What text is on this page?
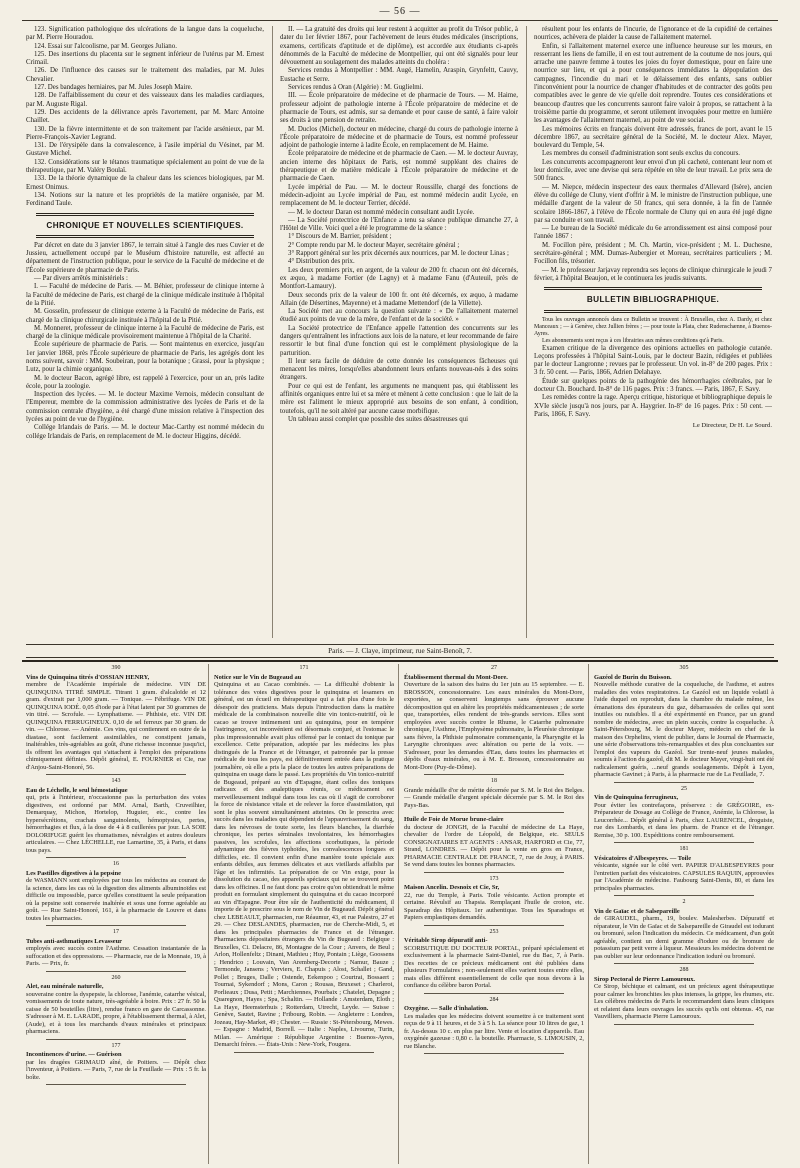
— 56 —

123. Signification pathologique des ulcérations de la langue dans la coqueluche, par M. Pierre Houradou.

124. Essai sur l'alcoolisme, par M. Georges Juliano.

125. Des insertions du placenta sur le segment inférieur de l'utérus par M. Ernest Crimail.

126. De l'influence des causes sur le traitement des maladies, par M. Jules Chevalier.

127. Des bandages herniaires, par M. Jules Joseph Maire.

128. De l'affaiblissement du cœur et des vaisseaux dans les maladies cardiaques, par M. Auguste Rigal.

129. Des accidents de la délivrance après l'avortement, par M. Marc Antoine Chaillet.

130. De la fièvre intermittente et de son traitement par l'acide arsénieux, par M. Pierre-François-Xavier Legrand.

131. De l'érysipèle dans la convalescence, à l'asile impérial du Vésinet, par M. Gustave Michel.

132. Considérations sur le tétanos traumatique spécialement au point de vue de la thérapeutique, par M. Valéry Boulaï.

133. De la théorie dynamique de la chaleur dans les sciences biologiques, par M. Ernest Onimus.

134. Notions sur la nature et les propriétés de la matière organisée, par M. Ferdinand Taule.

CHRONIQUE ET NOUVELLES SCIENTIFIQUES.

Par décret en date du 3 janvier 1867, le terrain situé à l'angle des rues Cuvier et de Jussieu, actuellement occupé par le Muséum d'histoire naturelle, est affecté au département de l'instruction publique, pour le service de la Faculté de médecine et de l'École supérieure de pharmacie de Paris.

— Par divers arrêtés ministériels :

I. — Faculté de médecine de Paris. — M. Béhier, professeur de clinique interne à la Faculté de médecine de Paris, est chargé de la clinique médicale instituée à l'hôpital de la Pitié.

M. Gosselin, professeur de clinique externe à la Faculté de médecine de Paris, est chargé de la clinique chirurgicale instituée à l'hôpital de la Pitié.

M. Monneret, professeur de clinique interne à la Faculté de médecine de Paris, est chargé de la clinique médicale provisoirement maintenue à l'hôpital de la Charité.

École supérieure de pharmacie de Paris. — Sont maintenus en exercice, jusqu'au 1er janvier 1868, près l'École supérieure de pharmacie de Paris, les agrégés dont les noms suivent, savoir : MM. Soubeiran, pour la botanique ; Grassi, pour la physique ; Lutz, pour la chimie organique.

M. le docteur Bacon, agrégé libre, est rappelé à l'exercice, pour un an, près ladite école, pour la zoologie.

Inspection des lycées. — M. le docteur Maxime Vernois, médecin consultant de l'Empereur, membre de la commission administrative des lycées de Paris et de la commission centrale d'hygiène, a été chargé d'une mission relative à l'inspection des lycées au point de vue de l'hygiène.

Collége Irlandais de Paris. — M. le docteur Mac-Carthy est nommé médecin du collége Irlandais de Paris, en remplacement de M. le docteur Higgins, décédé.

II. — La gratuité des droits qui leur restent à acquitter au profit du Trésor public, à dater du 1er février 1867, pour l'achèvement de leurs études médicales (inscriptions, examens, certificats d'aptitude et de diplôme), est accordée aux étudiants ci-après dénommés de la Faculté de médecine de Montpellier, qui ont été signalés pour leur dévouement au soulagement des malades atteints du choléra :

Services rendus à Montpellier : MM. Augé, Hamelin, Araspin, Grynfeltt, Cauvy, Eustache et Serre.

Services rendus à Oran (Algérie) : M. Guglielmi.

III. — École préparatoire de médecine et de pharmacie de Tours. — M. Haime, professeur adjoint de pathologie interne à l'École préparatoire de médecine et de pharmacie de Tours, est admis, sur sa demande et pour cause de santé, à faire valoir ses droits à une pension de retraite.

M. Duclos (Michel), docteur en médecine, chargé du cours de pathologie interne à l'École préparatoire de médecine et de pharmacie de Tours, est nommé professeur adjoint de pathologie interne à ladite École, en remplacement de M. Haime.

École préparatoire de médecine et de pharmacie de Caen. — M. le docteur Auvray, ancien interne des hôpitaux de Paris, est nommé suppléant des chaires de thérapeutique et de matière médicale à l'École préparatoire de médecine et de pharmacie de Caen.

Lycée impérial de Pau. — M. le docteur Roussille, chargé des fonctions de médecin-adjoint au Lycée impérial de Pau, est nommé médecin audit Lycée, en remplacement de M. le docteur Terrier, décédé.

— M. le docteur Daran est nommé médecin consultant audit Lycée.

— La Société protectrice de l'Enfance a tenu sa séance publique dimanche 27, à l'Hôtel de Ville. Voici quel a été le programme de la séance :

1° Discours de M. Barrier, président ;

2° Compte rendu par M. le docteur Mayer, secrétaire général ;

3° Rapport général sur les prix décernés aux nourrices, par M. le docteur Linas ;

4° Distribution des prix.

Les deux premiers prix, en argent, de la valeur de 200 fr. chacun ont été décernés, ex æquo, à madame Fortier (de Lagny) et à madame Fanu (d'Auteuil, près de Montfort-Lamaury).

Deux seconds prix de la valeur de 100 fr. ont été décernés, ex æquo, à madame Allain (de Désertines, Mayenne) et à madame Mettendorf (de la Villette).

La Société met au concours la question suivante : « De l'allaitement maternel étudié aux points de vue de la mère, de l'enfant et de la société. »

La Société protectrice de l'Enfance appelle l'attention des concurrents sur les dangers qu'entraînent les infractions aux lois de la nature, et leur recommande de faire ressortir le but final d'une fonction qui est le complément physiologique de la parturition.

Il leur sera facile de déduire de cette donnée les conséquences fâcheuses qui menacent les mères, lorsqu'elles abandonnent leurs enfants nouveau-nés à des soins étrangers.

Pour ce qui est de l'enfant, les arguments ne manquent pas, qui établissent les affinités organiques entre lui et sa mère et mènent à cette conclusion : que le lait de la mère est l'aliment le mieux approprié aux besoins de son enfant, à condition, toutefois, qu'il ne soit altéré par aucune cause morbifique.

Un tableau aussi complet que possible des suites désastreuses qui

résultent pour les enfants de l'incurie, de l'ignorance et de la cupidité de certaines nourrices, achèvera de plaider la cause de l'allaitement maternel.

Enfin, si l'allaitement maternel exerce une influence heureuse sur les mœurs, en resserrant les liens de famille, il en est tout autrement de la coutume de nos jours, qui arrache une pauvre femme à toutes les joies du foyer domestique, pour en faire une nourrice sur lieu, et qui a pour conséquences immédiates la dépopulation des campagnes, l'incendie du mari et le délaissement des enfants, sans oublier l'inconvénient pour la nourrice de changer d'habitudes et de contracter des goûts peu compatibles avec le genre de vie qu'elle doit reprendre. Toutes ces considérations et beaucoup d'autres que les concurrents sauront faire valoir à propos, se rattachent à la troisième partie du programme, et seront utilement invoquées pour mettre en lumière les avantages de l'allaitement maternel, au point de vue social.

Les mémoires écrits en français doivent être adressés, francs de port, avant le 15 décembre 1867, au secrétaire général de la Société, M. le docteur Alex. Mayer, boulevard du Temple, 54.

Les membres du conseil d'administration sont seuls exclus du concours.

Les concurrents accompagneront leur envoi d'un pli cacheté, contenant leur nom et leur domicile, avec une devise qui sera répétée en tête de leur travail. Le prix sera de 500 francs.

— M. Niepce, médecin inspecteur des eaux thermales d'Allevard (Isère), ancien élève du collége de Cluny, vient d'offrir à M. le ministre de l'instruction publique, une médaille d'argent de la valeur de 50 francs, qui sera donnée, à la fin de l'année scolaire 1866-1867, à l'élève de l'École normale de Cluny qui en aura été jugé digne par sa conduite et son travail.

— Le bureau de la Société médicale du 6e arrondissement est ainsi composé pour l'année 1867 :

M. Focillon père, président ; M. Ch. Martin, vice-président ; M. L. Duchesne, secrétaire-général ; MM. Dumas-Aubergier et Moreau, secrétaires particuliers ; M. Focillon fils, trésorier.

— M. le professeur Jarjavay reprendra ses leçons de clinique chirurgicale le jeudi 7 février, à l'hôpital Beaujon, et le continuera les jeudis suivants.

BULLETIN BIBLIOGRAPHIQUE.

Tous les ouvrages annoncés dans ce Bulletin se trouvent : À Bruxelles, chez A. Dardy, et chez Manceaux ; — à Genève, chez Jullien frères ; — pour toute la Plata, chez Rudenschænne, à Buenos-Ayres.

Les abonnements sont reçus à ces librairies aux mêmes conditions qu'à Paris.

Examen critique de la divergence des opinions actuelles en pathologie cutanée. Leçons professées à l'hôpital Saint-Louis, par le docteur Bazin, rédigées et publiées par le docteur Langronne ; revues par le professeur. Un vol. in-8° de 200 pages. Prix : 3 fr. 50 cent. — Paris, 1866, Adrien Delahaye.

Étude sur quelques points de la pathogénie des hémorrhagies cérébrales, par le docteur Ch. Bouchard. In-8° de 116 pages. Prix : 3 francs. — Paris, 1867, F. Savy.

Les remèdes contre la rage. Aperçu critique, historique et bibliographique depuis le XVIe siècle jusqu'à nos jours, par A. Haygrier. In-8° de 16 pages. Prix : 50 cent. — Paris, 1866, F. Savy.

Le Directeur, Dr H. Le Sourd.
Paris. — J. Claye, imprimeur, rue Saint-Benoît, 7.
390
Vins de Quinquina titrés d'OSSIAN HENRY,
membre de l'Académie impériale de médecine. VIN DE QUINQUINA TITRÉ SIMPLE. Titrant 1 gram. d'alcaloïde et 12 gram. d'extrait par 1,000 gram. — Tonique. — Fébrifuge. VIN DE QUINQUINA IODÉ. 0,05 d'iode par à l'état latent par 30 grammes de vin titré. — Scrofule. — Lymphatisme. — Phthisie, etc. VIN DE QUINQUINA FERRUGINEUX. 0,10 de sel ferreux par 30 gram. de vin. — Chlorose. — Anémie. Ces vins, qui contiennent en outre de la diastase, sont facilement assimilables, ne constipent jamais, inaltérables, très-agréables au goût, d'une richesse inconnue jusqu'ici, ils offrent les avantages qui s'attachent à l'emploi des préparations chimiquement définies. Dépôt général, E. FOURNIER et Cie, rue d'Anjou-Saint-Honoré, 56.
143
Eau de Léchelle, le seul hémostatique
qui, pris à l'intérieur, n'occasionne pas la perturbation des voies digestives, est ordonné par MM. Arnal, Barth, Cruveilhier, Demarquay, Michon, Hortelop, Huguier, etc., contre les hypersécrétions, crachats sanguinolents, hémoptysies, pertes, hémorrhagies et flux, à la dose de 4 à 8 cuillerées par jour. LA SOIE DOLORIFUGE guérit les rhumatismes, névralgies et autres douleurs articulaires. — Chez LÉCHELLE, rue Lamartine, 35, à Paris, et dans tous pays.
16
Les Pastilles digestives à la pepsine
de WASMANN sont employées par tous les médecins au courant de la science, dans les cas où la digestion des aliments albuminoïdes est difficile ou impossible, parce qu'elles constituent la seule préparation où la pepsine soit conservée inaltérée et sous une forme agréable au goût. — Rue Saint-Honoré, 161, à la pharmacie de Louvre et dans toutes les pharmacies.
17
Tubes anti-asthmatiques Levasseur
employés avec succès contre l'Asthme. Cessation instantanée de la suffocation et des oppressions. — Pharmacie, rue de la Monnaie, 19, à Paris. — Prix, fr.
260
Alet, eau minérale naturelle,
souveraine contre la dyspepsie, la chlorose, l'anémie, catarrhe vésical, vomissements de toute nature, très-agréable à boire. Prix : 27 fr. 50 la caisse de 50 bouteilles (litre), rendue franco en gare de Carcassonne. S'adresser à M. E. LARADE, propre, à l'établissement thermal, à Alet, (Aude), et à tous les marchands d'eaux minérales et principaux pharmaciens.
177
Incontinences d'urine. — Guérison
par les dragées GRIMAUD aîné, de Poitiers. — Dépôt chez l'inventeur, à Poitiers. — Paris, 7, rue de la Feuillade — Prix : 5 fr. la boîte.
171
Notice sur le Vin de Bugeaud au
Quinquina et au Cacao combinés. — La difficulté d'obtenir la tolérance des voies digestives pour le quinquina et lesamers en général, est un écueil en thérapeutique qui a fait plus d'une fois le désespoir des praticiens. Mais depuis l'introduction dans la matière médicale de la combinaison nouvelle dite vin tonico-nutritif, où le cacao se trouve intimement uni au quinquina, pour en tempérer l'astringence, cet inconvénient est désormais conjuré, et l'estomac le plus impressionnable avait plus offensé par le contact du tonique par excellence. Cette préparation, adoptée par les médecins les plus distingués de la France et de l'étranger, et patronnée par la presse médicale de tous les pays, est définitivement entrée dans la pratique journalière, où elle a pris la place de toutes les autres préparations de quinquina en usage dans le passé. Les propriétés du Vin tonico-nutritif de Bugeaud, préparé au vin d'Espagne, étant celles des toniques radicaux et des analeptiques réunis, ce médicament est merveilleusement indiqué dans tous les cas où il s'agit de corroborer la force de résistance vitale et de relever la force d'assimilation, qui sont le plus souvent simultanément atteintes. On le prescrira avec succès dans les maladies qui dépendent de l'appauvrissement du sang, dans les névroses de toute sorte, les fleurs blanches, la diarrhée chronique, les pertes séminales involontaires, les hémorrhagies passives, les scrofules, les affections scorbutiques, la période adynamique des fièvres typhoïdes, les convalescences longues et difficiles, etc. Il convient enfin d'une manière toute spéciale aux enfants débiles, aux femmes délicates et aux vieillards affaiblis par l'âge et les infirmités. La préparation de ce Vin exige, pour la dissolution du cacao, des appareils spéciaux qui ne se trouvent point dans les officines. Il ne faut donc pas croire qu'on obtiendrait le même produit en formulant simplement du quinquina et du cacao incorporé au vin d'Espagne. Pour être sûr de l'authenticité du médicament, il importe de le prescrire sous le nom de Vin de Bugeaud. Dépôt général chez LEBEAULT, pharmacien, rue Réaumur, 43, et rue Palestro, 27 et 29. — Chez DESLANDES, pharmacien, rue de Cherche-Midi, 5, et dans les principales pharmacies de France et de l'étranger. Pharmaciens dépositaires étrangers du Vin de Bugeaud : Belgique : Bruxelles, Ci. Delacre, 86, Montagne de la Cour ; Anvers, de Beul ; Arlon, Hollenfeltz ; Dinant, Mathieu ; Huy, Pontain ; Liège, Goossens ; Hendrico ; Louvain, Van Aremberg-Decorte ; Namur, Bauze ; Termonde, Jansens ; Verviers, E. Chapuis ; Alost, Schallet ; Gand, Pollet ; Bruges, Dalle ; Ostende, Eekenpoo ; Courtrai, Bossaert ; Tournai, Sykendorf ; Mons, Caron ; Rousas, Bruxeset ; Charleroi, Porlieaux ; Dusa, Petit ; Marchiennes, Pourbaix ; Chatelet, Depagne ; Quaregnon, Hayes ; Spa, Schaltin. — Hollande : Amsterdam, Eloth ; La Haye, Heemsterhuis ; Rotterdam, Utrecht, Leyde. — Suisse : Genève, Sautet, Ravine ; Fribourg, Robin. — Angleterre : Londres, Jozeau, Hay-Market, 49 ; Chester. — Russie : St-Pétersbourg, Mewes. — Espagne : Madrid, Borrell. — Italie : Naples, Livourne, Turin, Milan. — Amérique : République Argentine : Buenos-Ayres, Demarchi frères. — États-Unis : New-York, Fougera.
27
Établissement thermal du Mont-Dore.
Ouverture de la saison des bains du 1er juin au 15 septembre. — E. BROSSON, concessionnaire. Les eaux minérales du Mont-Dore, exportées, se conservent longtemps sans éprouver aucune décomposition qui en altère les propriétés médicamenteuses ; de sorte que, transportées, elles rendent de très-grands services. Elles sont employées avec succès contre le Rhume, le Catarrhe pulmonaire chronique, l'Asthme, l'Emphysème pulmonaire, la Pleurésie chronique sans fièvre, la Phthisie pulmonaire commençante, la Pharyngite et la Laryngite chroniques avec altération ou perte de la voix. — S'adresser, pour les demandes d'Eau, dans toutes les pharmacies et dépôts d'eaux minérales, ou à M. E. Brosson, concessionnaire au Mont-Dore (Puy-de-Dôme).
18
Grande médaille d'or de mérite décernée par S. M. le Roi des Belges. — Grande médaille d'argent spéciale décernée par S. M. le Roi des Pays-Bas.
Huile de Foie de Morue brune-claire
du docteur de JONGH, de la Faculté de médecine de La Haye, chevalier de l'ordre de Léopold, de Belgique, etc. SEULS CONSIGNATAIRES ET AGENTS : ANSAR, HARFORD et Cie, 77, Strand, LONDRES. — Dépôt pour la vente en gros en France, PHARMACIE CENTRALE DE FRANCE, 7, rue de Jouy, à PARIS. Se vend dans toutes les bonnes pharmacies.
173
Maison Ancelin. Desnoix et Cie, Sr,
22, rue du Temple, à Paris. Toile vésicante. Action prompte et certaine. Révulsif au Thapsia. Remplaçant l'huile de croton, etc. Sparadrap des Hôpitaux. 1er authentique. Tous les Sparadraps et Papiers emplastiques demandés.
253
Véritable Sirop dépuratif anti-
SCORBUTIQUE DU DOCTEUR PORTAL, préparé spécialement et exclusivement à la pharmacie Saint-Daniel, rue du Bac, 7, à Paris. Des recettes de ce précieux médicament ont été publiées dans plusieurs Formulaires ; non-seulement elles varient toutes entre elles, mais elles diffèrent essentiellement de celle que nous devons à la confiance du célèbre baron Portal.
284
Oxygène. — Salle d'inhalation.
Les malades que les médecins doivent soumettre à ce traitement sont reçus de 9 à 11 heures, et de 3 à 5 h. La séance pour 10 litres de gaz, 1 fr. Au-dessus 10 c. en plus par litre. Vente et location d'appareils. Eau oxygénée gazeuse : 0,80 c. la bouteille. Pharmacie, S. LIMOUSIN, 2, rue Blanche.
305
Gazéol de Burin du Buisson.
Nouvelle méthode curative de la coqueluche, de l'asthme, et autres maladies des voies respiratoires. Le Gazéol est un liquide volatil à l'aide duquel on reproduit, dans la chambre du malade même, les émanations des épurateurs du gaz, débarrassées de celles qui sont inutiles ou nuisibles. Il a été expérimenté en France, par un grand nombre de médecins, avec un plein succès, contre la coqueluche. À Saint-Pétersbourg, M. le docteur Mayer, médecin en chef de la maison des Orphelins, vient de publier, dans le Journal de Pharmacie, une série d'observations très-remarquables et des plus concluantes sur l'emploi des vapeurs du Gazéol. Sur trente-neuf jeunes malades, soumis à l'action du gazéol, dit M. le docteur Mayer, vingt-huit ont été radicalement guéris, ...neuf grands soulagements. Dépôt à Lyon, pharmacie Gavinet ; à Paris, à la pharmacie rue de La Feuillade, 7.
25
Vin de Quinquina ferrugineux,
Pour éviter les contrefaçons, préservez : de GRÉGOIRE, ex-Préparateur de Dosage au Collège de France, Anémie, la Chlorose, la Leucorrhée... Dépôt général à Paris, chez LAURENCEL, droguiste, rue des Lombards, et dans les pharm. de France et de l'étranger. Remise, 30 p. 100. Expéditions contre remboursement.
181
Vésicatoires d'Albespeyres. — Toile
vésicante, signée sur le côté vert. PAPIER D'ALBESPEYRES pour l'entretien parfait des vésicatoires. CAPSULES RAQUIN, approuvées par l'Académie de médecine. Faubourg Saint-Denis, 80, et dans les principales pharmacies.
2
Vin de Gaïac et de Salsepareille
de GIRAUDEL, pharm., 19, boulev. Malesherbes. Dépuratif et réparateur, le Vin de Gaïac et de Salsepareille de Giraudel est iodurant ou bromuré, selon l'indication du médecin. Ce médicament, d'un goût agréable, contient un demi gramme d'iodure ou de bromure de potassium par petit verre à liqueur. Messieurs les médecins doivent ne pas oublier sur leur ordonnance l'indication ioduré ou bromuré.
288
Sirop Pectoral de Pierre Lamouroux.
Ce Sirop, béchique et calmant, est un précieux agent thérapeutique pour calmer les bronchites les plus intenses, la grippe, les rhumes, etc. Les célèbres médecins de Paris le recommandent dans leurs cliniques et relatent dans leurs ouvrages les succès qu'ils ont obtenus. 45, rue Vauvilliers, pharmacie Pierre Lamouroux.
